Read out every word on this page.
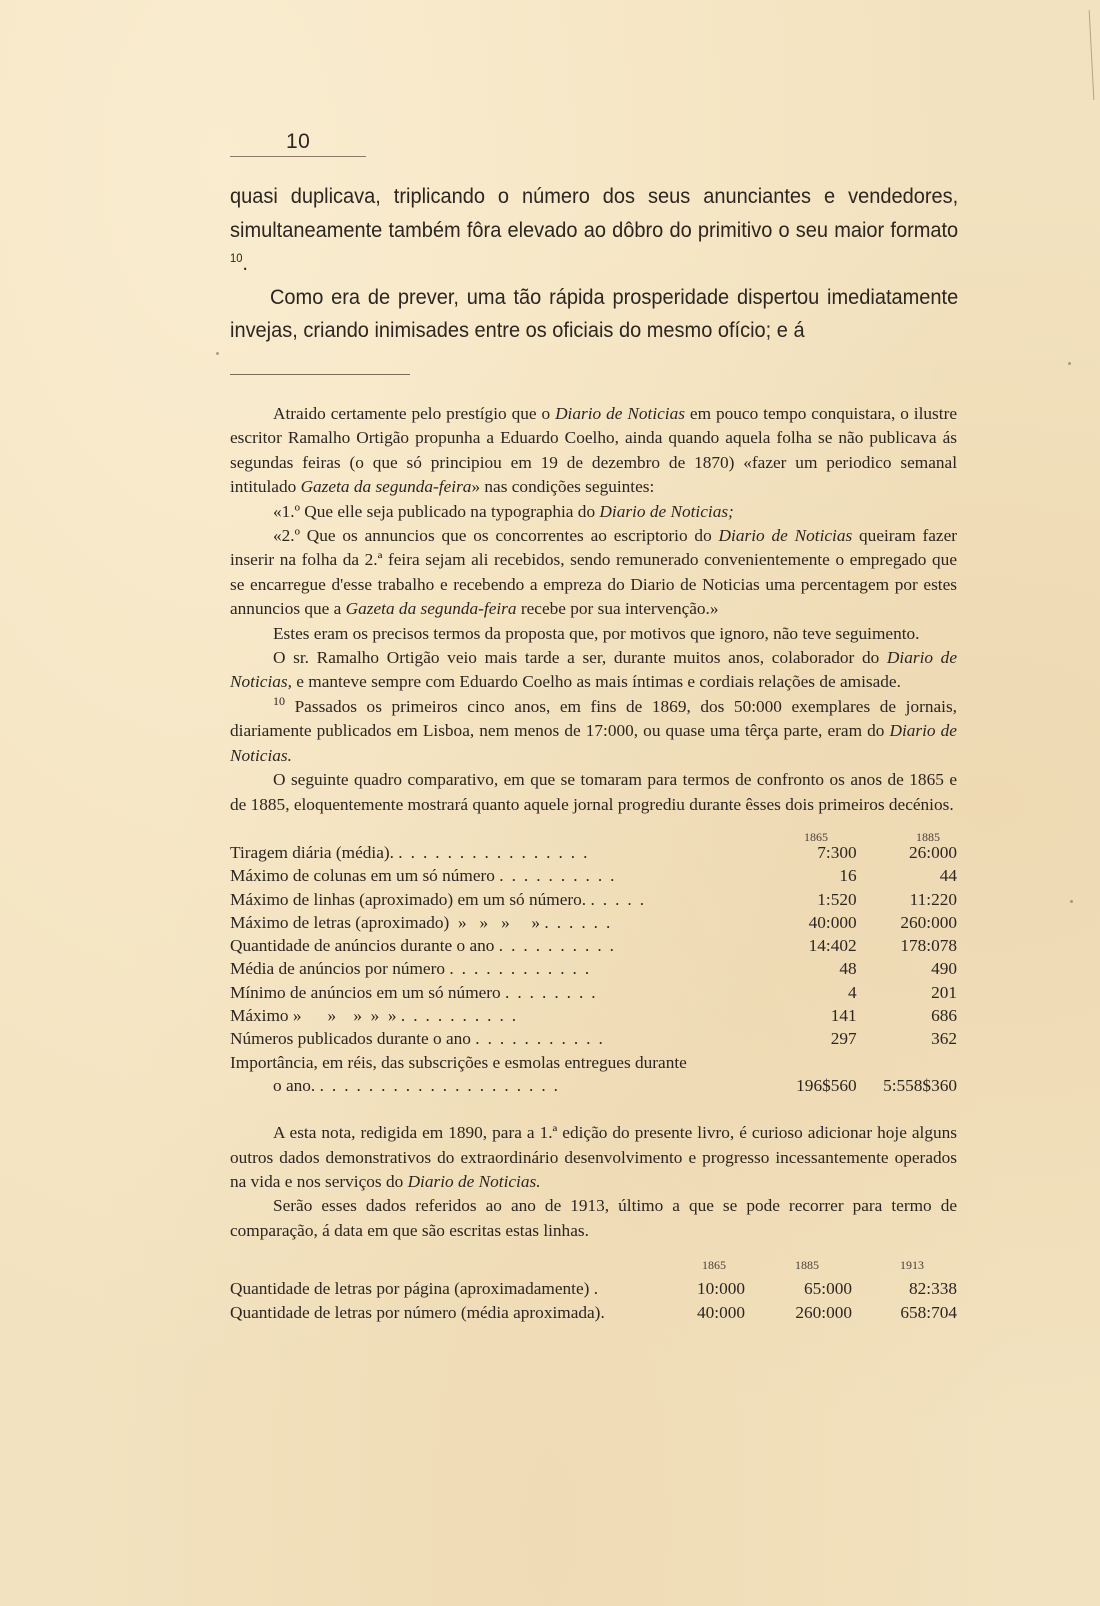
10

quasi duplicava, triplicando o número dos seus anunciantes e vendedores, simultaneamente também fôra elevado ao dôbro do primitivo o seu maior formato $^{10}$.

Como era de prever, uma tão rápida prosperidade dispertou imediatamente invejas, criando inimisades entre os oficiais do mesmo ofício; e á

Atraido certamente pelo prestígio que o Diario de Noticias em pouco tempo conquistara, o ilustre escritor Ramalho Ortigão propunha a Eduardo Coelho, ainda quando aquela folha se não publicava ás segundas feiras (o que só principiou em 19 de dezembro de 1870) «fazer um periodico semanal intitulado Gazeta da segunda-feira» nas condições seguintes:

«1.º Que elle seja publicado na typographia do Diario de Noticias;

«2.º Que os annuncios que os concorrentes ao escriptorio do Diario de Noticias queiram fazer inserir na folha da 2.ª feira sejam ali recebidos, sendo remunerado convenientemente o empregado que se encarregue d'esse trabalho e recebendo a empreza do Diario de Noticias uma percentagem por estes annuncios que a Gazeta da segunda-feira recebe por sua intervenção.»

Estes eram os precisos termos da proposta que, por motivos que ignoro, não teve seguimento.

O sr. Ramalho Ortigão veio mais tarde a ser, durante muitos anos, colaborador do Diario de Noticias, e manteve sempre com Eduardo Coelho as mais íntimas e cordiais relações de amisade.

$^{10}$ Passados os primeiros cinco anos, em fins de 1869, dos 50:000 exemplares de jornais, diariamente publicados em Lisboa, nem menos de 17:000, ou quase uma têrça parte, eram do Diario de Noticias.

O seguinte quadro comparativo, em que se tomaram para termos de confronto os anos de 1865 e de 1885, eloquentemente mostrará quanto aquele jornal progrediu durante êsses dois primeiros decénios.

1865	1885
Tiragem diária (média). ................	7:300	26:000
Máximo de colunas em um só número ..........	16	44
Máximo de linhas (aproximado) em um só número. .....	1:520	11:220
Máximo de letras (aproximado)  »   »   »     » ......	40:000	260:000
Quantidade de anúncios durante o ano ..........	14:402	178:078
Média de anúncios por número ............	48	490
Mínimo de anúncios em um só número ........	4	201
Máximo »      »    »  »  » ..........	141	686
Números publicados durante o ano ...........	297	362
Importância, em réis, das subscrições e esmolas entregues durante		
o ano. ....................	196$560	5:558$360

A esta nota, redigida em 1890, para a 1.ª edição do presente livro, é curioso adicionar hoje alguns outros dados demonstrativos do extraordinário desenvolvimento e progresso incessantemente operados na vida e nos serviços do Diario de Noticias.

Serão esses dados referidos ao ano de 1913, último a que se pode recorrer para termo de comparação, á data em que são escritas estas linhas.

1865	1885	1913
Quantidade de letras por página (aproximadamente) .	10:000	65:000	82:338
Quantidade de letras por número (média aproximada).	40:000	260:000	658:704
